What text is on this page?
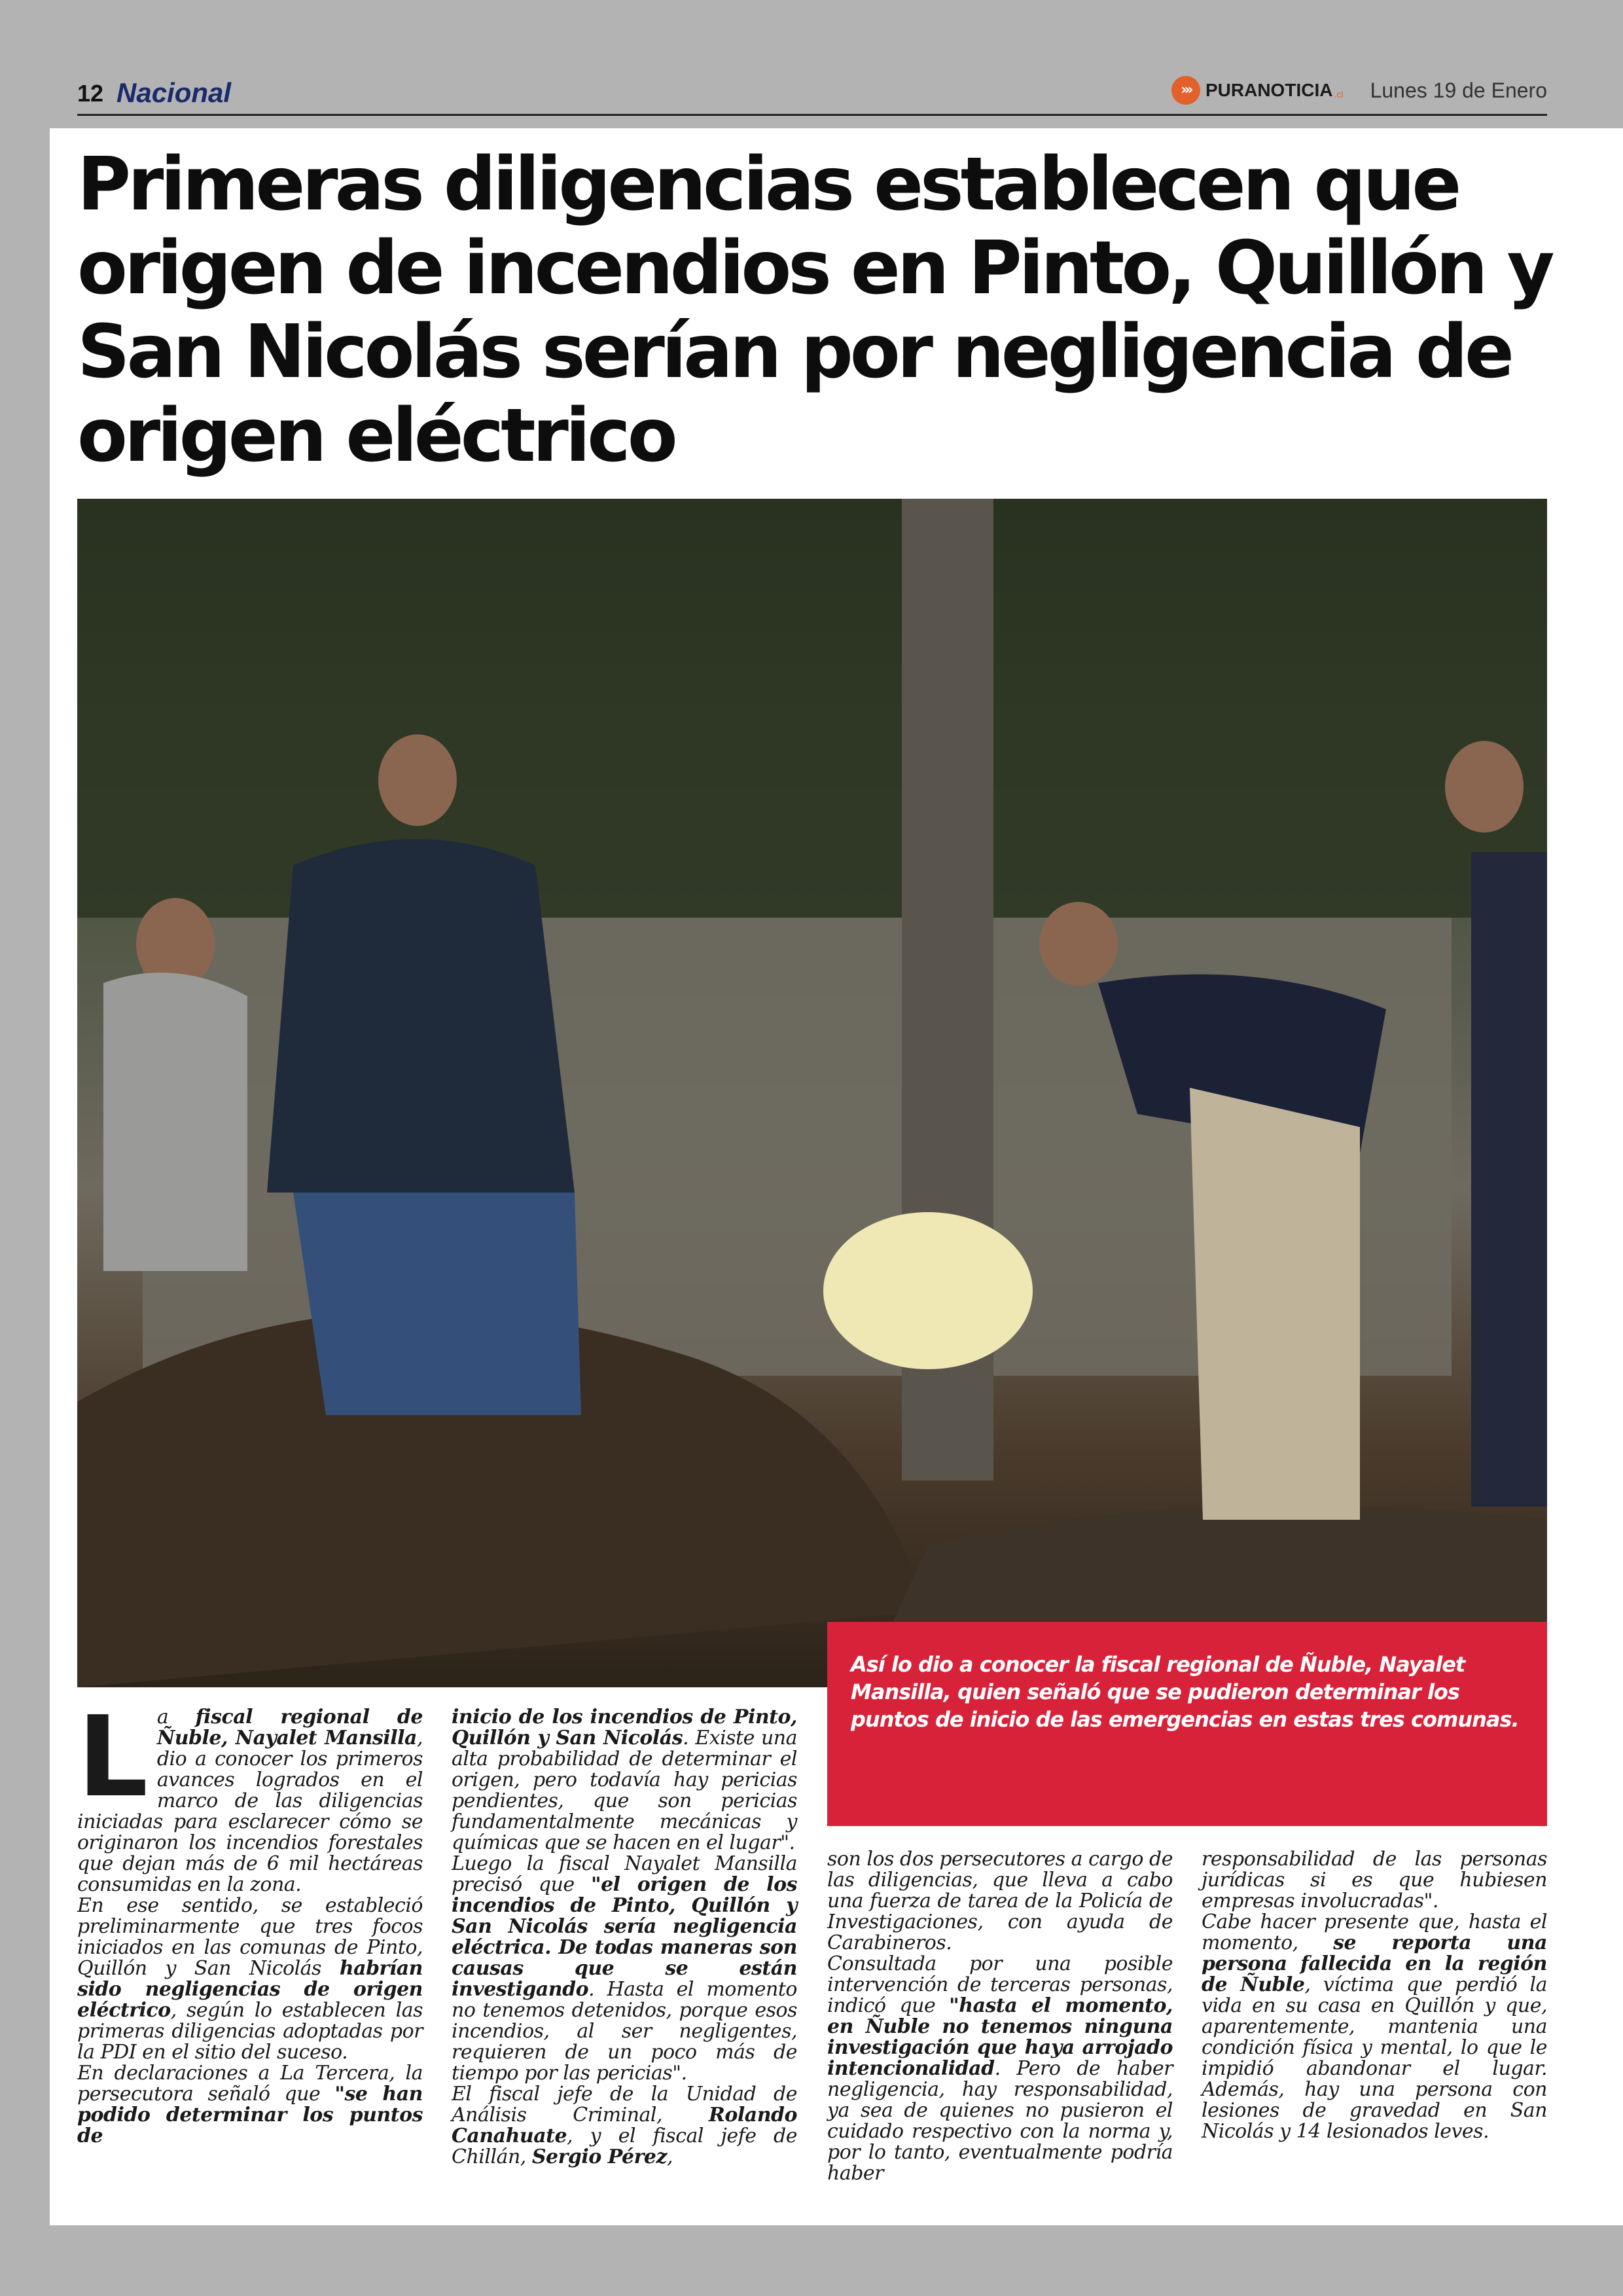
12 Nacional	››› PURANOTICIA .cl Lunes 19 de Enero
Primeras diligencias establecen que origen de incendios en Pinto, Quillón y San Nicolás serían por negligencia de origen eléctrico

Así lo dio a conocer la fiscal regional de Ñuble, Nayalet Mansilla, quien señaló que se pudieron determinar los puntos de inicio de las emergencias en estas tres comunas.

L a fiscal regional de Ñuble, Nayalet Mansilla, dio a conocer los primeros avances logrados en el marco de las diligencias iniciadas para esclarecer cómo se originaron los incendios forestales que dejan más de 6 mil hectáreas consumidas en la zona.

En ese sentido, se estableció preliminarmente que tres focos iniciados en las comunas de Pinto, Quillón y San Nicolás habrían sido negligencias de origen eléctrico, según lo establecen las primeras diligencias adoptadas por la PDI en el sitio del suceso.

En declaraciones a La Tercera, la persecutora señaló que "se han podido determinar los puntos de

inicio de los incendios de Pinto, Quillón y San Nicolás. Existe una alta probabilidad de determinar el origen, pero todavía hay pericias pendientes, que son pericias fundamentalmente mecánicas y químicas que se hacen en el lugar".

Luego la fiscal Nayalet Mansilla precisó que "el origen de los incendios de Pinto, Quillón y San Nicolás sería negligencia eléctrica. De todas maneras son causas que se están investigando. Hasta el momento no tenemos detenidos, porque esos incendios, al ser negligentes, requieren de un poco más de tiempo por las pericias".

El fiscal jefe de la Unidad de Análisis Criminal, Rolando Canahuate, y el fiscal jefe de Chillán, Sergio Pérez,

son los dos persecutores a cargo de las diligencias, que lleva a cabo una fuerza de tarea de la Policía de Investigaciones, con ayuda de Carabineros.

Consultada por una posible intervención de terceras personas, indicó que "hasta el momento, en Ñuble no tenemos ninguna investigación que haya arrojado intencionalidad. Pero de haber negligencia, hay responsabilidad, ya sea de quienes no pusieron el cuidado respectivo con la norma y, por lo tanto, eventualmente podría haber

responsabilidad de las personas jurídicas si es que hubiesen empresas involucradas".

Cabe hacer presente que, hasta el momento, se reporta una persona fallecida en la región de Ñuble, víctima que perdió la vida en su casa en Quillón y que, aparentemente, mantenia una condición física y mental, lo que le impidió abandonar el lugar. Además, hay una persona con lesiones de gravedad en San Nicolás y 14 lesionados leves.
